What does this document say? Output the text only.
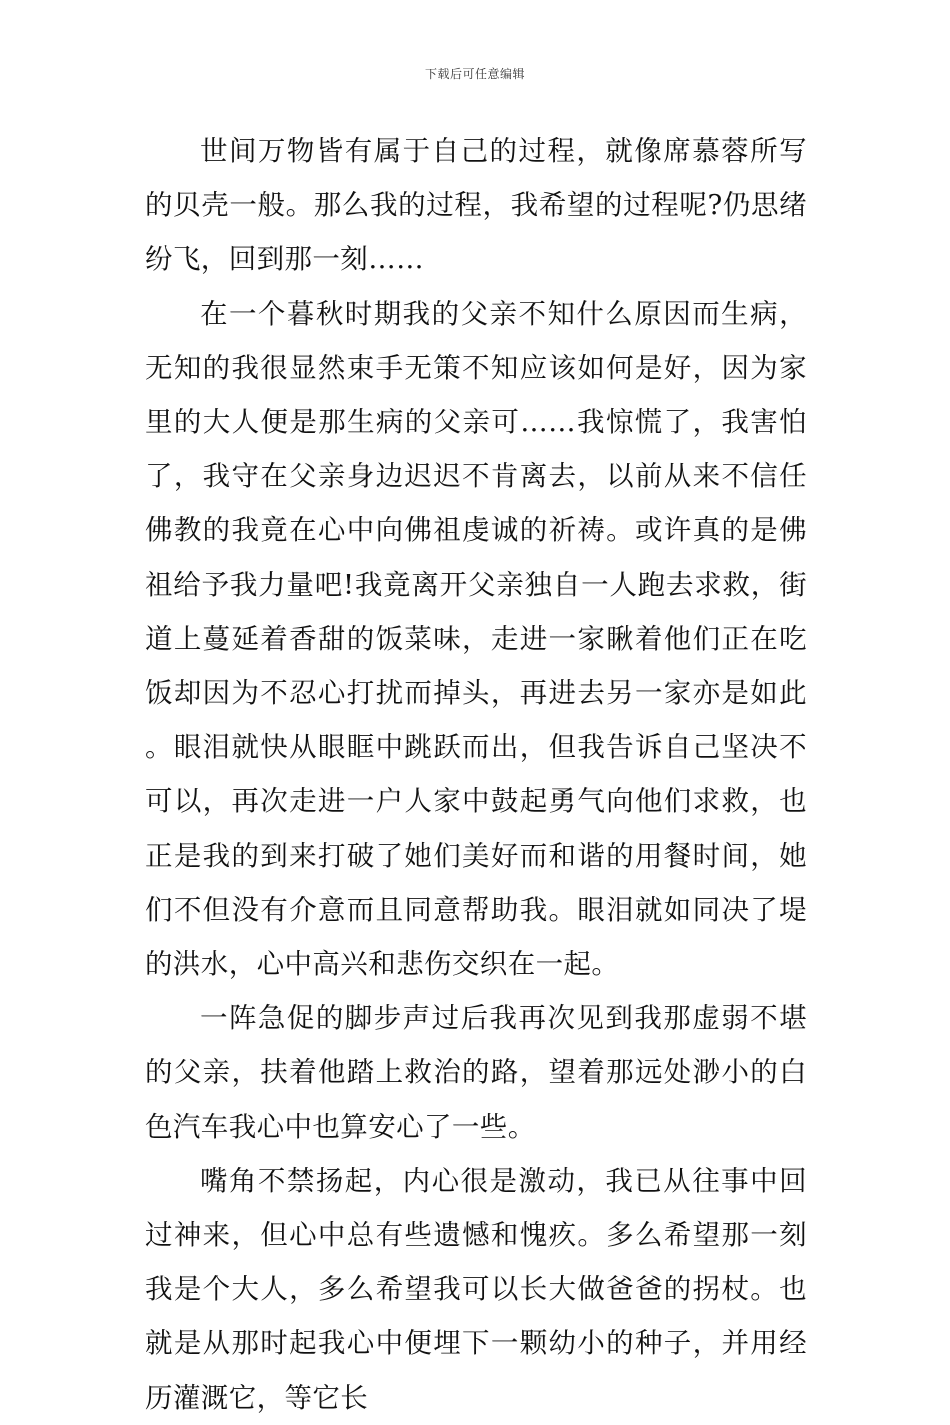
下载后可任意编辑

世间万物皆有属于自己的过程，就像席慕蓉所写的贝壳一般。那么我的过程，我希望的过程呢?仍思绪纷飞，回到那一刻……

在一个暮秋时期我的父亲不知什么原因而生病，无知的我很显然束手无策不知应该如何是好，因为家里的大人便是那生病的父亲可……我惊慌了，我害怕了，我守在父亲身边迟迟不肯离去，以前从来不信任佛教的我竟在心中向佛祖虔诚的祈祷。或许真的是佛祖给予我力量吧!我竟离开父亲独自一人跑去求救，街道上蔓延着香甜的饭菜味，走进一家瞅着他们正在吃饭却因为不忍心打扰而掉头，再进去另一家亦是如此。眼泪就快从眼眶中跳跃而出，但我告诉自己坚决不可以，再次走进一户人家中鼓起勇气向他们求救，也正是我的到来打破了她们美好而和谐的用餐时间，她们不但没有介意而且同意帮助我。眼泪就如同决了堤的洪水，心中高兴和悲伤交织在一起。

一阵急促的脚步声过后我再次见到我那虚弱不堪的父亲，扶着他踏上救治的路，望着那远处渺小的白色汽车我心中也算安心了一些。

嘴角不禁扬起，内心很是激动，我已从往事中回过神来，但心中总有些遗憾和愧疚。多么希望那一刻我是个大人，多么希望我可以长大做爸爸的拐杖。也就是从那时起我心中便埋下一颗幼小的种子，并用经历灌溉它，等它长
